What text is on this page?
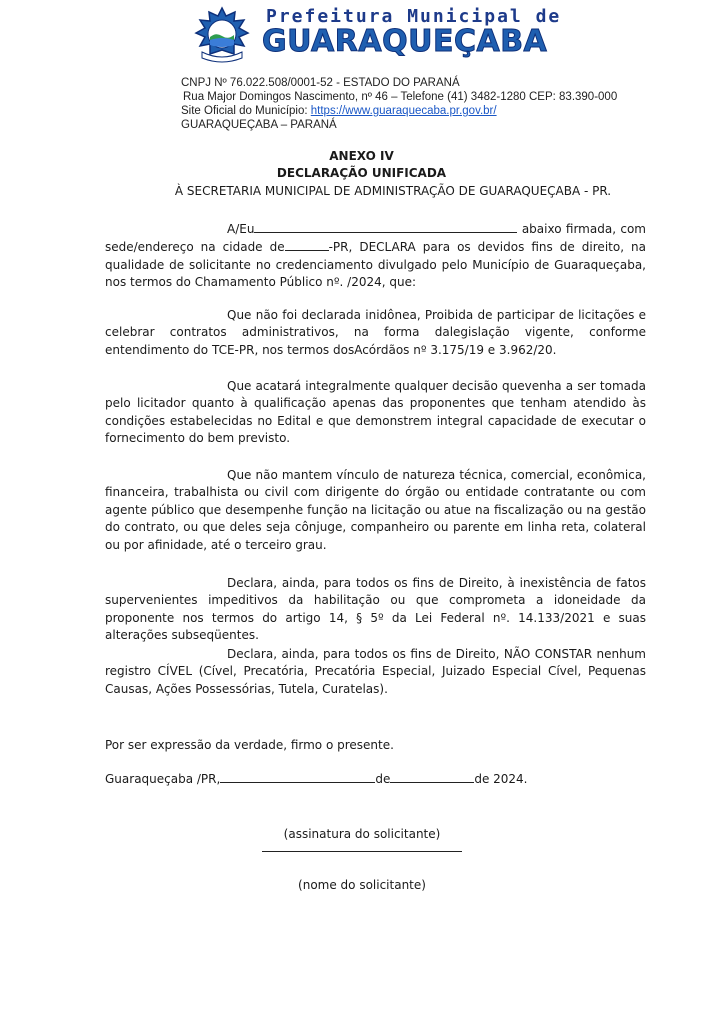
Prefeitura Municipal de
GUARAQUEÇABA
CNPJ Nº 76.022.508/0001-52 - ESTADO DO PARANÁ
Rua Major Domingos Nascimento, nº 46 – Telefone (41) 3482-1280 CEP: 83.390-000
Site Oficial do Município: https://www.guaraquecaba.pr.gov.br/
GUARAQUEÇABA – PARANÁ
ANEXO IV
DECLARAÇÃO UNIFICADA
À SECRETARIA MUNICIPAL DE ADMINISTRAÇÃO DE GUARAQUEÇABA - PR.
A/Eu	abaixo firmada, com sede/endereço na cidade de	-PR, DECLARA para os devidos fins de direito, na qualidade de solicitante no credenciamento divulgado pelo Município de Guaraqueçaba, nos termos do Chamamento Público nº. /2024, que:
Que não foi declarada inidônea, Proibida de participar de licitações e celebrar contratos administrativos, na forma dalegislação vigente, conforme entendimento do TCE-PR, nos termos dosAcórdãos nº 3.175/19 e 3.962/20.
Que acatará integralmente qualquer decisão quevenha a ser tomada pelo licitador quanto à qualificação apenas das proponentes que tenham atendido às condições estabelecidas no Edital e que demonstrem integral capacidade de executar o fornecimento do bem previsto.
Que não mantem vínculo de natureza técnica, comercial, econômica, financeira, trabalhista ou civil com dirigente do órgão ou entidade contratante ou com agente público que desempenhe função na licitação ou atue na fiscalização ou na gestão do contrato, ou que deles seja cônjuge, companheiro ou parente em linha reta, colateral ou por afinidade, até o terceiro grau.
Declara, ainda, para todos os fins de Direito, à inexistência de fatos supervenientes impeditivos da habilitação ou que comprometa a idoneidade da proponente nos termos do artigo 14, § 5º da Lei Federal nº. 14.133/2021 e suas alterações subseqüentes.
Declara, ainda, para todos os fins de Direito, NÃO CONSTAR nenhum registro CÍVEL (Cível, Precatória, Precatória Especial, Juizado Especial Cível, Pequenas Causas, Ações Possessórias, Tutela, Curatelas).
Por ser expressão da verdade, firmo o presente.
Guaraqueçaba /PR,	de	de 2024.
(assinatura do solicitante)
(nome do solicitante)
